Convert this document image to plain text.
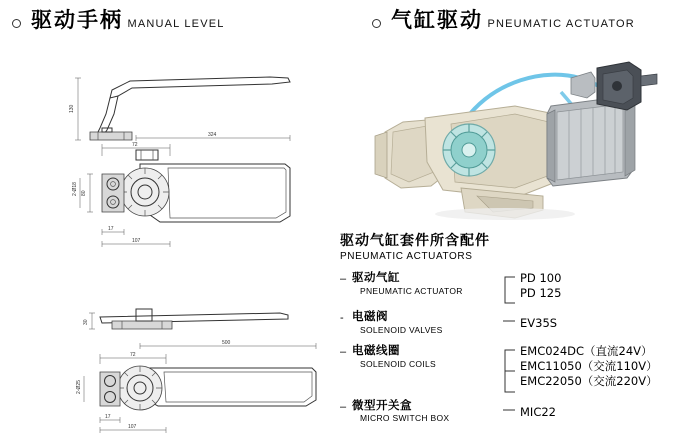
驱动手柄 MANUAL LEVEL
130
72
324
80
2-Ø18
17
107
30
72
500
2-Ø25
17
107
气缸驱动 PNEUMATIC ACTUATOR
驱动气缸套件所含配件
PNEUMATIC ACTUATORS
– 驱动气缸
PNEUMATIC ACTUATOR
PD 100
PD 125
- 电磁阀
SOLENOID VALVES	EV35S
– 电磁线圈
SOLENOID COILS
EMC024DC（直流24V）
EMC11050（交流110V）
EMC22050（交流220V）
– 微型开关盒
MICRO SWITCH BOX	MIC22
